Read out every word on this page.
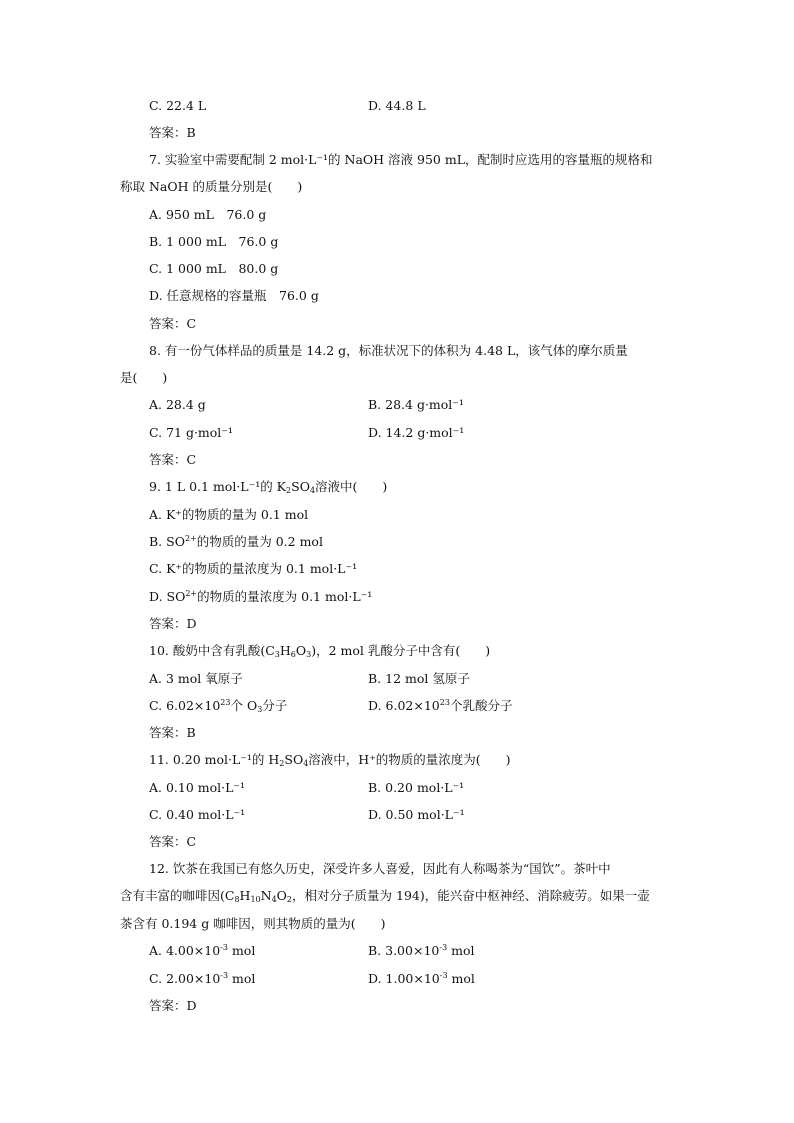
C. 22.4 L	D. 44.8 L
答案：B
7. 实验室中需要配制 2 mol·L⁻¹的 NaOH 溶液 950 mL，配制时应选用的容量瓶的规格和
称取 NaOH 的质量分别是(　　)
A. 950 mL　76.0 g
B. 1 000 mL　76.0 g
C. 1 000 mL　80.0 g
D. 任意规格的容量瓶　76.0 g
答案：C
8. 有一份气体样品的质量是 14.2 g，标准状况下的体积为 4.48 L，该气体的摩尔质量
是(　　)
A. 28.4 g	B. 28.4 g·mol⁻¹
C. 71 g·mol⁻¹	D. 14.2 g·mol⁻¹
答案：C
9. 1 L 0.1 mol·L⁻¹的 $K_2SO_4$溶液中(　　)
A. K⁺的物质的量为 0.1 mol
B. $SO^{2+}$的物质的量为 0.2 mol
C. K⁺的物质的量浓度为 0.1 mol·L⁻¹
D. $SO^{2+}$的物质的量浓度为 0.1 mol·L⁻¹
答案：D
10. 酸奶中含有乳酸$(C_3H_6O_3)$，2 mol 乳酸分子中含有(　　)
A. 3 mol 氧原子	B. 12 mol 氢原子
C. $6.02\times 10^{23}$个 $O_3$分子	D. $6.02\times 10^{23}$个乳酸分子
答案：B
11. 0.20 mol·L⁻¹的 $H_2SO_4$溶液中，H⁺的物质的量浓度为(　　)
A. 0.10 mol·L⁻¹	B. 0.20 mol·L⁻¹
C. 0.40 mol·L⁻¹	D. 0.50 mol·L⁻¹
答案：C
12. 饮茶在我国已有悠久历史，深受许多人喜爱，因此有人称喝茶为“国饮”。茶叶中
含有丰富的咖啡因($C_8H_{10}N_4O_2$，相对分子质量为 194)，能兴奋中枢神经、消除疲劳。如果一壶
茶含有 0.194 g 咖啡因，则其物质的量为(　　)
A. $4.00\times 10^{-3}$ mol	B. $3.00\times 10^{-3}$ mol
C. $2.00\times 10^{-3}$ mol	D. $1.00\times 10^{-3}$ mol
答案：D
